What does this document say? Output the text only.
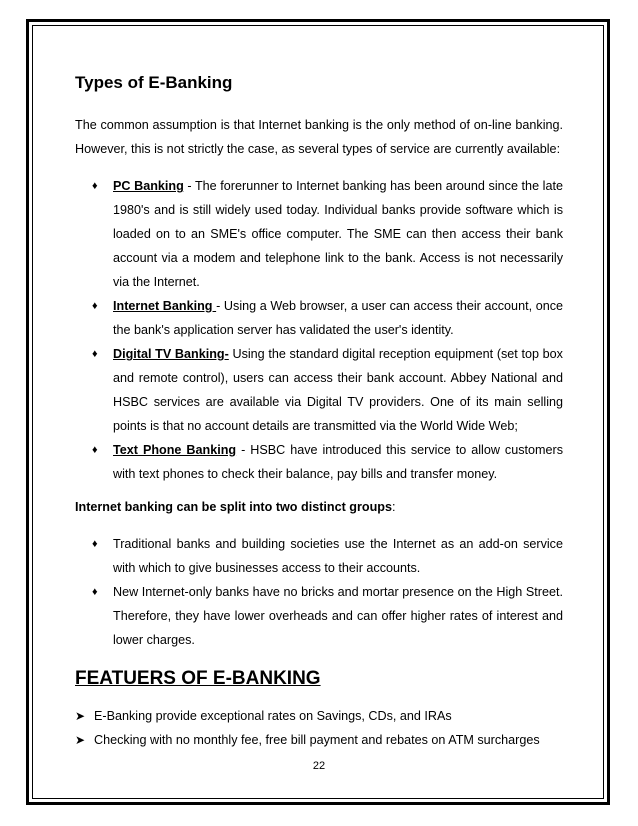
Types of E-Banking

The common assumption is that Internet banking is the only method of on-line banking. However, this is not strictly the case, as several types of service are currently available:

♦ PC Banking - The forerunner to Internet banking has been around since the late 1980's and is still widely used today. Individual banks provide software which is loaded on to an SME's office computer. The SME can then access their bank account via a modem and telephone link to the bank. Access is not necessarily via the Internet.
♦ Internet Banking - Using a Web browser, a user can access their account, once the bank's application server has validated the user's identity.
♦ Digital TV Banking- Using the standard digital reception equipment (set top box and remote control), users can access their bank account. Abbey National and HSBC services are available via Digital TV providers. One of its main selling points is that no account details are transmitted via the World Wide Web;
♦ Text Phone Banking - HSBC have introduced this service to allow customers with text phones to check their balance, pay bills and transfer money.

Internet banking can be split into two distinct groups:

♦ Traditional banks and building societies use the Internet as an add-on service with which to give businesses access to their accounts.
♦ New Internet-only banks have no bricks and mortar presence on the High Street. Therefore, they have lower overheads and can offer higher rates of interest and lower charges.
FEATUERS OF E-BANKING
➤ E-Banking provide exceptional rates on Savings, CDs, and IRAs
➤ Checking with no monthly fee, free bill payment and rebates on ATM surcharges
22
